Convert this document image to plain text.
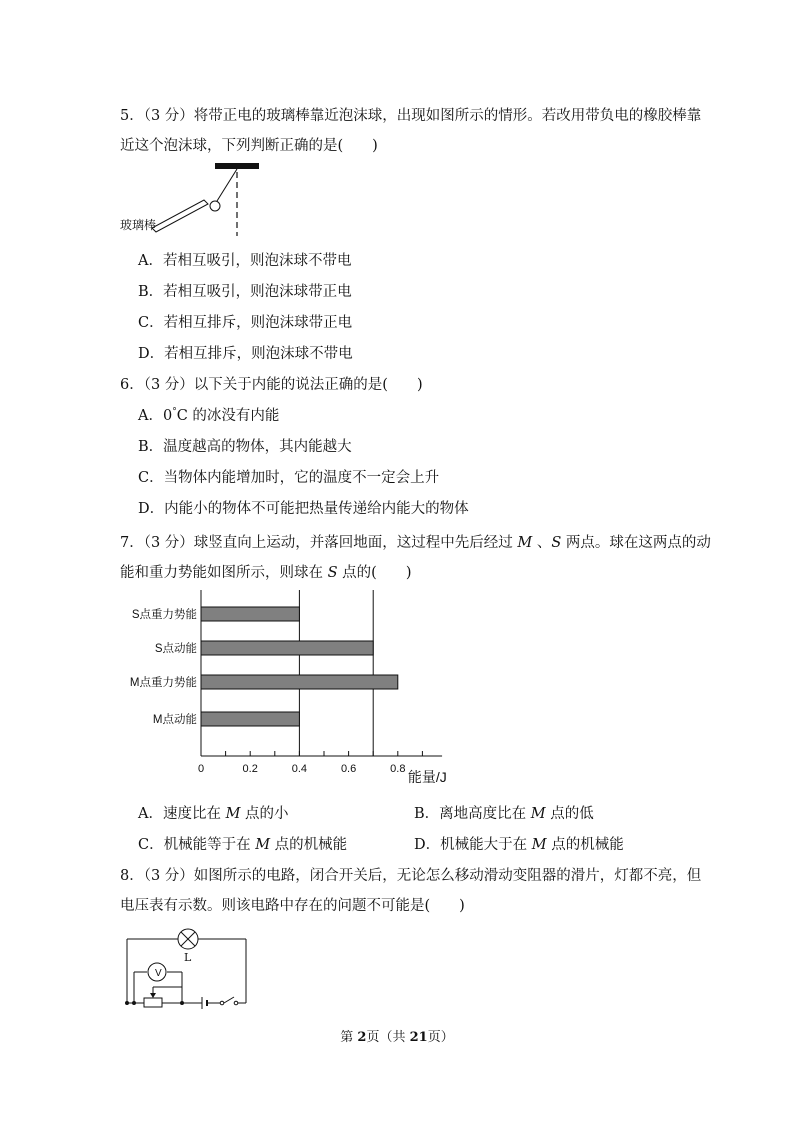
5．（3 分）将带正电的玻璃棒靠近泡沫球，出现如图所示的情形。若改用带负电的橡胶棒靠
近这个泡沫球，下列判断正确的是(　　)
玻璃棒
A．若相互吸引，则泡沫球不带电
B．若相互吸引，则泡沫球带正电
C．若相互排斥，则泡沫球带正电
D．若相互排斥，则泡沫球不带电
6．（3 分）以下关于内能的说法正确的是(　　)
A．0°C 的冰没有内能
B．温度越高的物体，其内能越大
C．当物体内能增加时，它的温度不一定会上升
D．内能小的物体不可能把热量传递给内能大的物体
7．（3 分）球竖直向上运动，并落回地面，这过程中先后经过 M 、S 两点。球在这两点的动
能和重力势能如图所示，则球在 S 点的(　　)
0	0.2	0.4	0.6	0.8
S点重力势能
S点动能
M点重力势能
M点动能
能量/J
A．速度比在 M 点的小	B．离地高度比在 M 点的低
C．机械能等于在 M 点的机械能	D．机械能大于在 M 点的机械能
8．（3 分）如图所示的电路，闭合开关后，无论怎么移动滑动变阻器的滑片，灯都不亮，但
电压表有示数。则该电路中存在的问题不可能是(　　)
V
L
第 2页（共 21页）
